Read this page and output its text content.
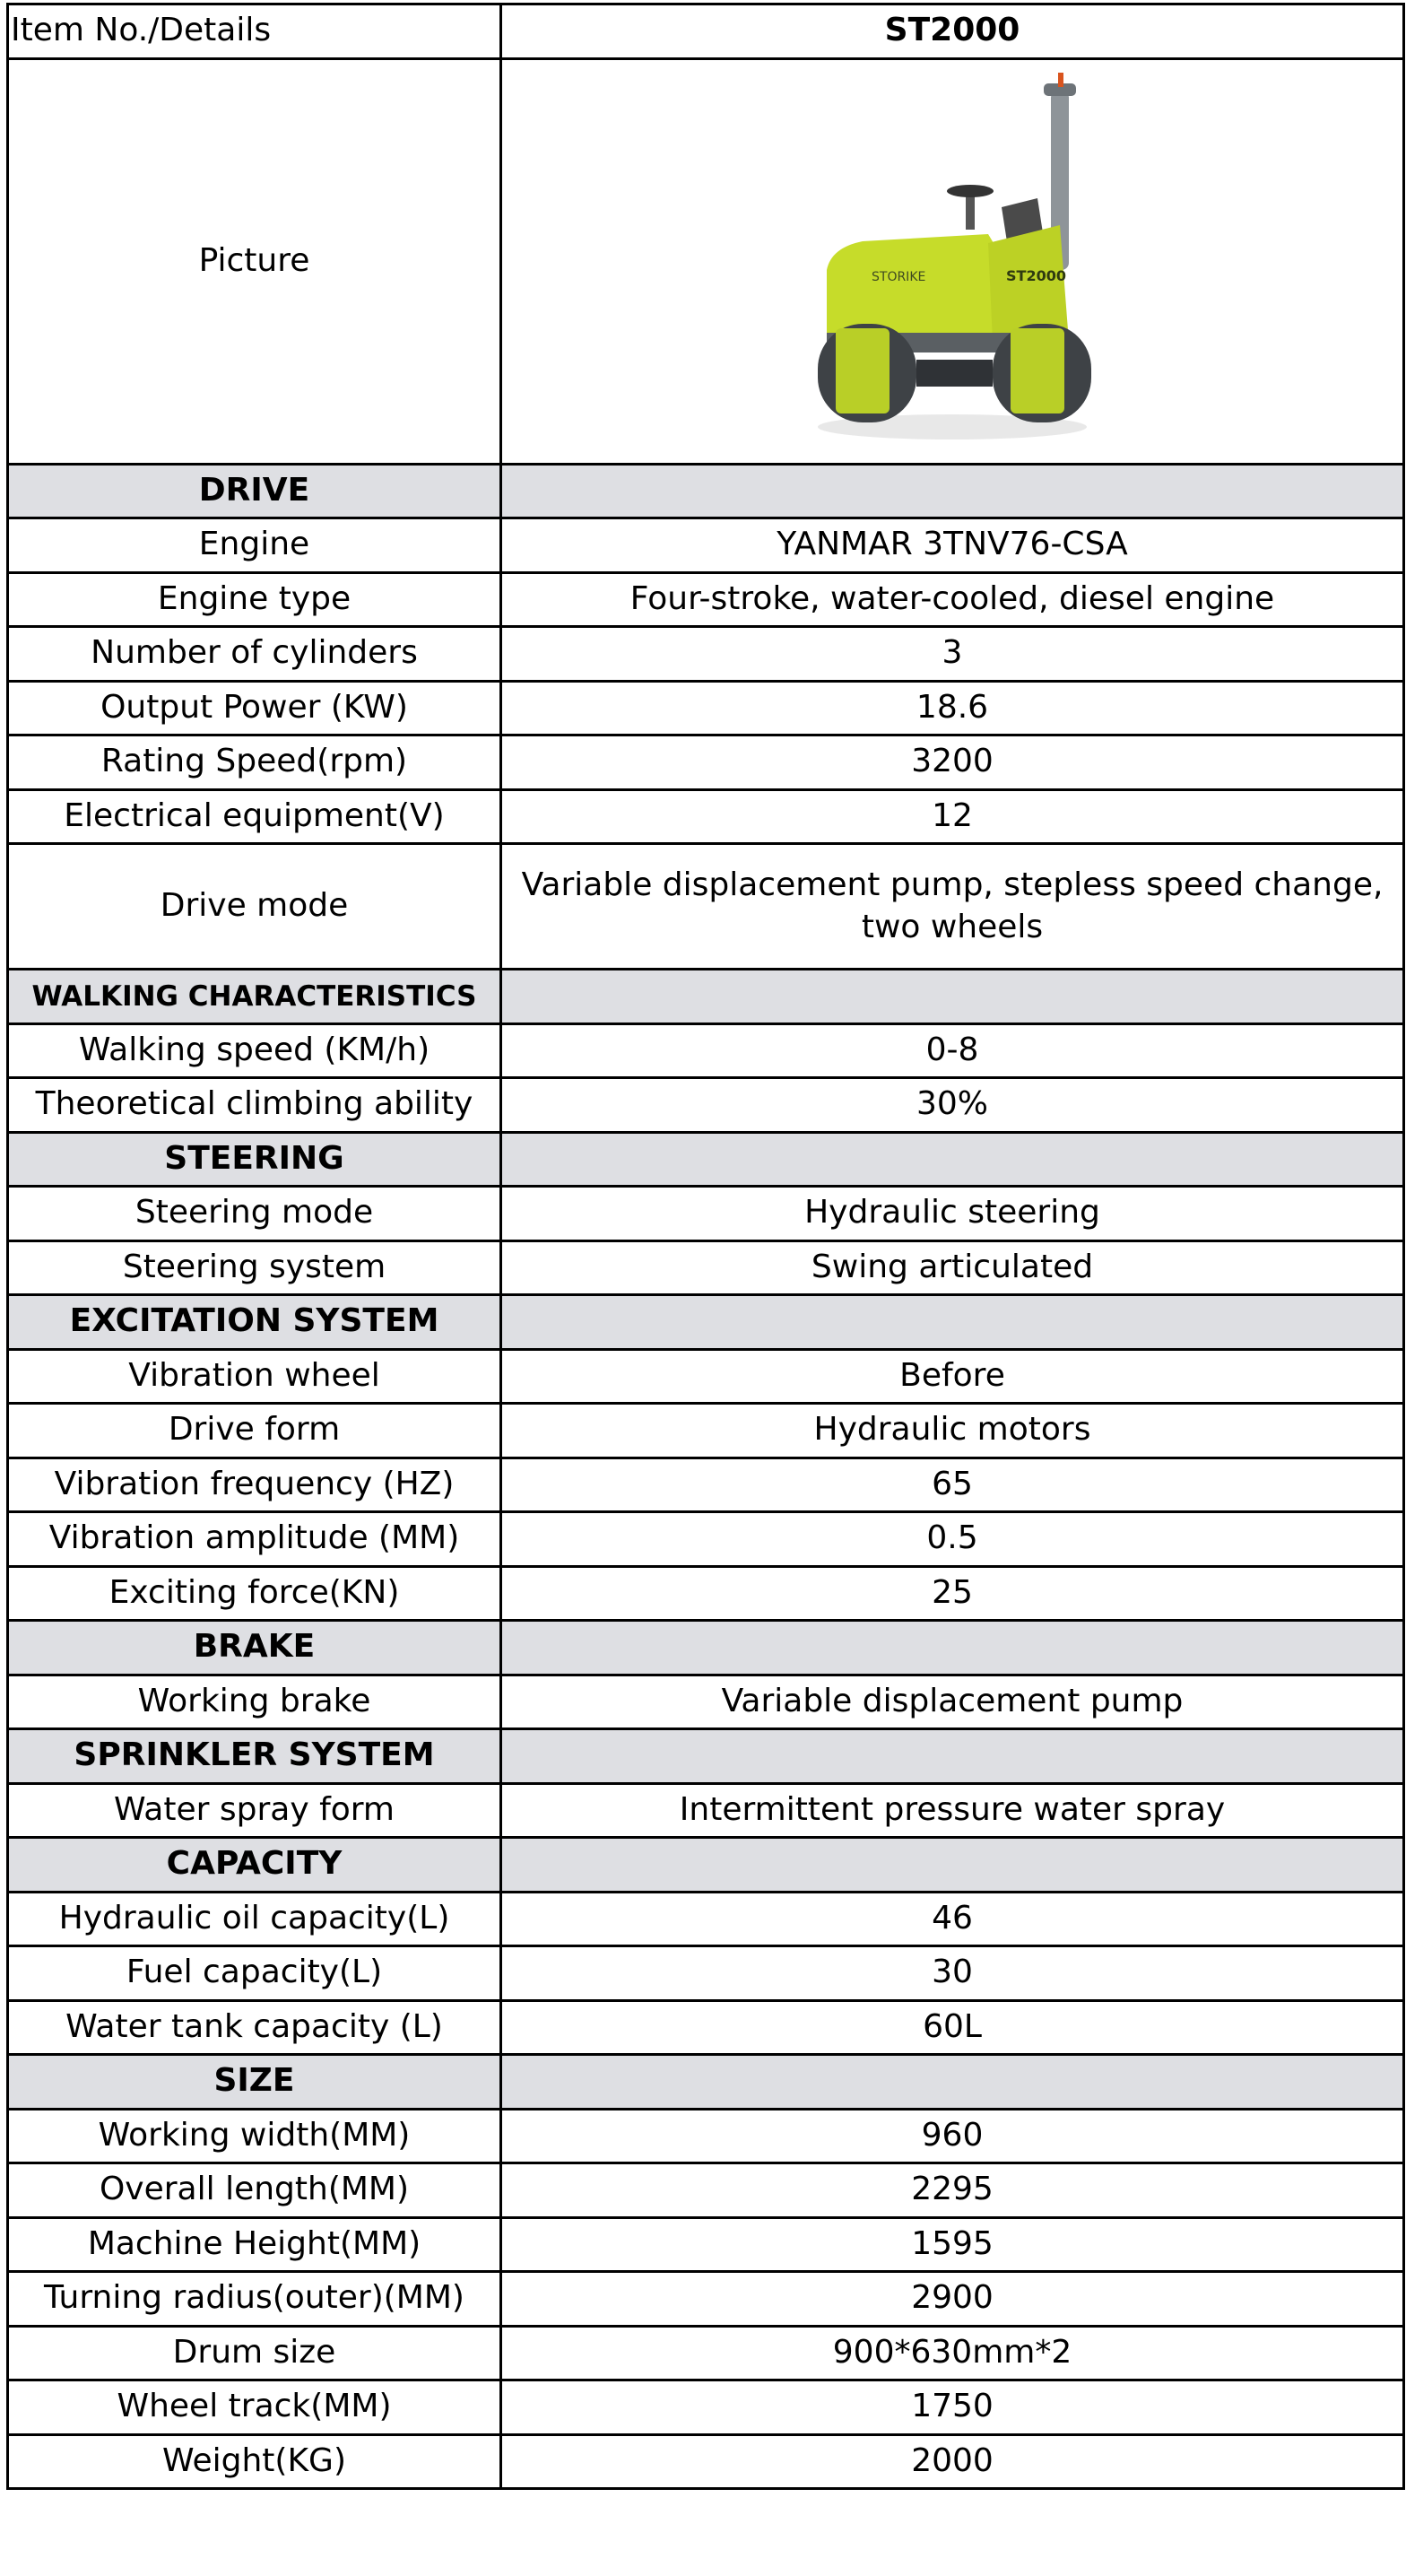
Item No./Details	ST2000
Picture	STORIKE ST2000

DRIVE	
Engine	YANMAR 3TNV76-CSA
Engine type	Four-stroke, water-cooled, diesel engine
Number of cylinders	3
Output Power (KW)	18.6
Rating Speed(rpm)	3200
Electrical equipment(V)	12
Drive mode	Variable displacement pump, stepless speed change, two wheels
WALKING CHARACTERISTICS	
Walking speed (KM/h)	0-8
Theoretical climbing ability	30%
STEERING	
Steering mode	Hydraulic steering
Steering system	Swing articulated
EXCITATION SYSTEM	
Vibration wheel	Before
Drive form	Hydraulic motors
Vibration frequency (HZ)	65
Vibration amplitude (MM)	0.5
Exciting force(KN)	25
BRAKE	
Working brake	Variable displacement pump
SPRINKLER SYSTEM	
Water spray form	Intermittent pressure water spray
CAPACITY	
Hydraulic oil capacity(L)	46
Fuel capacity(L)	30
Water tank capacity (L)	60L
SIZE	
Working width(MM)	960
Overall length(MM)	2295
Machine Height(MM)	1595
Turning radius(outer)(MM)	2900
Drum size	900*630mm*2
Wheel track(MM)	1750
Weight(KG)	2000
